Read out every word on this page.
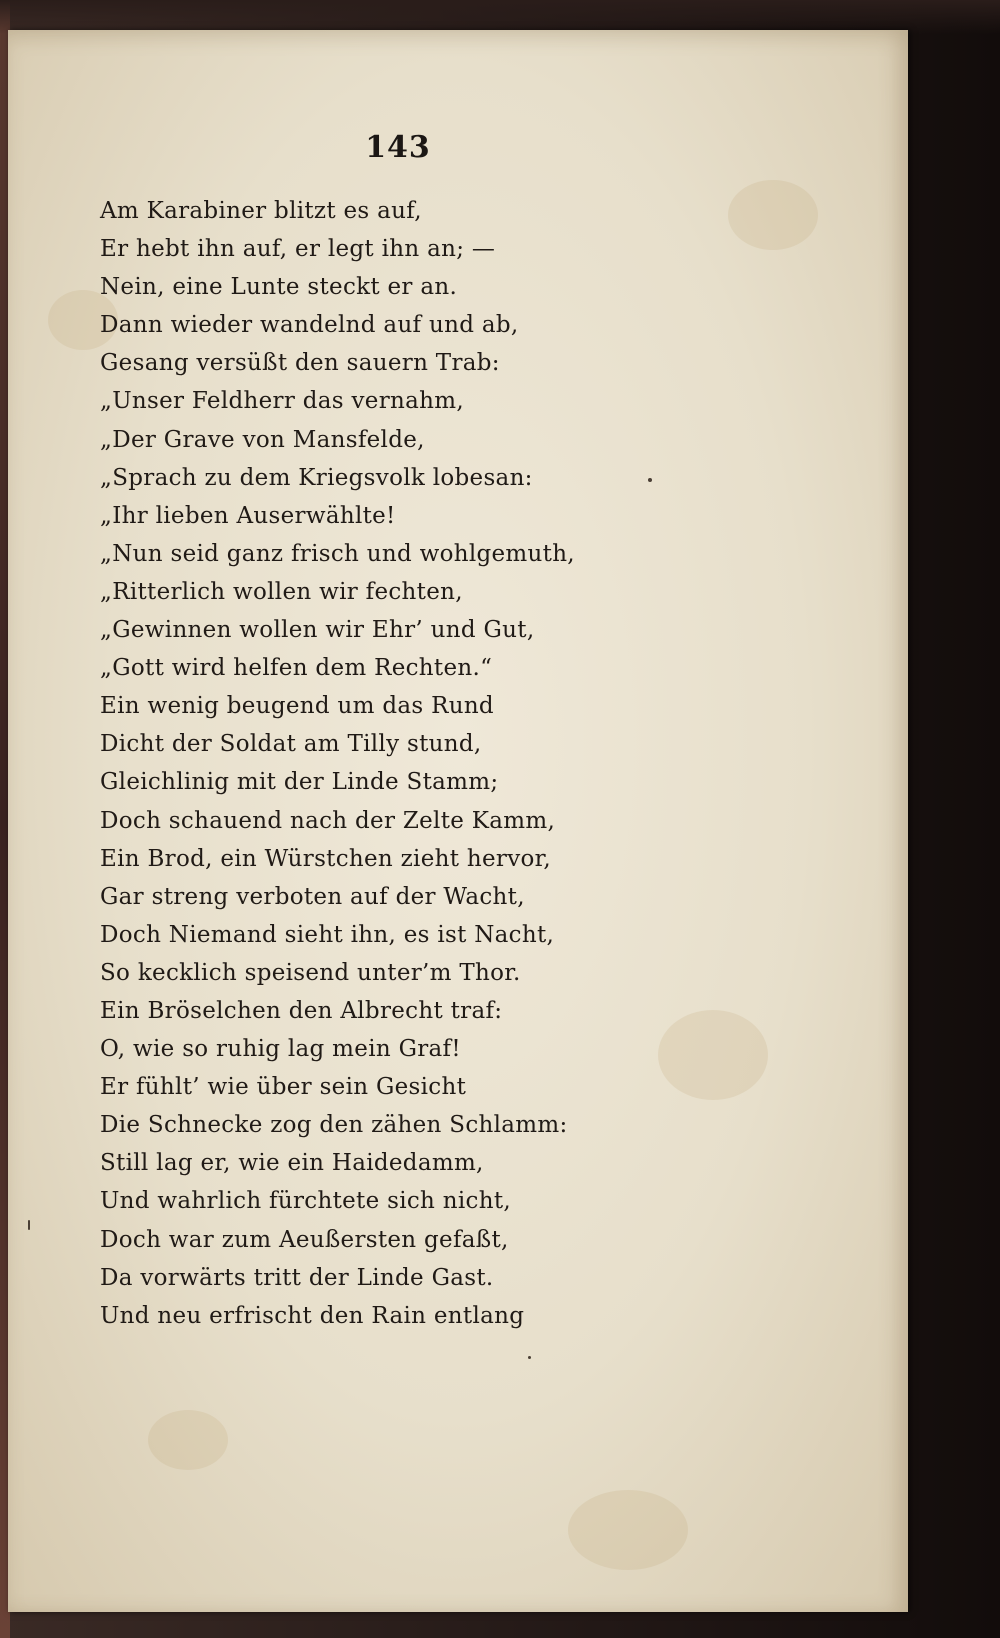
143
Am Karabiner blitzt es auf,
Er hebt ihn auf, er legt ihn an; —
Nein, eine Lunte steckt er an.
Dann wieder wandelnd auf und ab,
Gesang versüßt den sauern Trab:
„Unser Feldherr das vernahm,
„Der Grave von Mansfelde,
„Sprach zu dem Kriegsvolk lobesan:
„Ihr lieben Auserwählte!
„Nun seid ganz frisch und wohlgemuth,
„Ritterlich wollen wir fechten,
„Gewinnen wollen wir Ehr’ und Gut,
„Gott wird helfen dem Rechten.“
Ein wenig beugend um das Rund
Dicht der Soldat am Tilly stund,
Gleichlinig mit der Linde Stamm;
Doch schauend nach der Zelte Kamm,
Ein Brod, ein Würstchen zieht hervor,
Gar streng verboten auf der Wacht,
Doch Niemand sieht ihn, es ist Nacht,
So kecklich speisend unter’m Thor.
Ein Bröselchen den Albrecht traf:
O, wie so ruhig lag mein Graf!
Er fühlt’ wie über sein Gesicht
Die Schnecke zog den zähen Schlamm:
Still lag er, wie ein Haidedamm,
Und wahrlich fürchtete sich nicht,
Doch war zum Aeußersten gefaßt,
Da vorwärts tritt der Linde Gast.
Und neu erfrischt den Rain entlang
